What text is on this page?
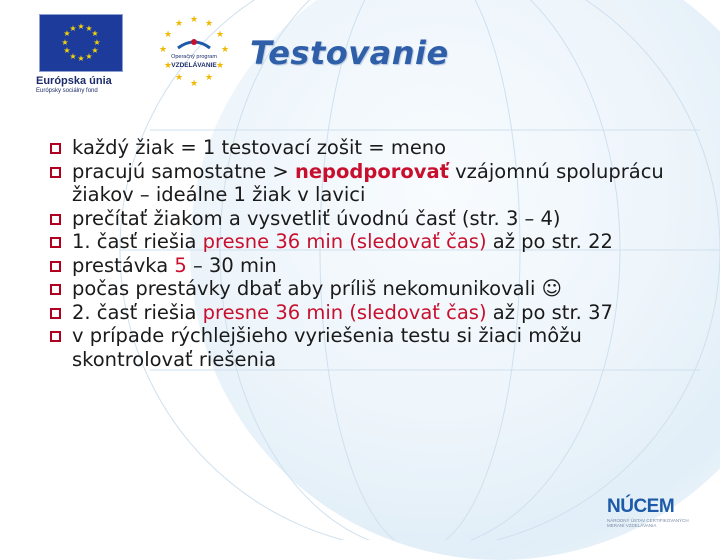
★ ★
★
★
★
★
★
★
★
★
★
★
Európska únia
Európsky sociálny fond
★ ★
★
★
★
★
★
★
★
★
★
★
Operačný program
VZDELÁVANIE	Testovanie
každý žiak = 1 testovací zošit = meno
pracujú samostatne > nepodporovať vzájomnú spoluprácu žiakov – ideálne 1 žiak v lavici
prečítať žiakom a vysvetliť úvodnú časť (str. 3 – 4)
1. časť riešia presne 36 min (sledovať čas) až po str. 22
prestávka 5 – 30 min
počas prestávky dbať aby príliš nekomunikovali ☺
2. časť riešia presne 36 min (sledovať čas) až po str. 37
v prípade rýchlejšieho vyriešenia testu si žiaci môžu skontrolovať riešenia
NÚCEM
NÁRODNÝ ÚSTAV CERTIFIKOVANÝCH
MERANÍ VZDELÁVANIA
